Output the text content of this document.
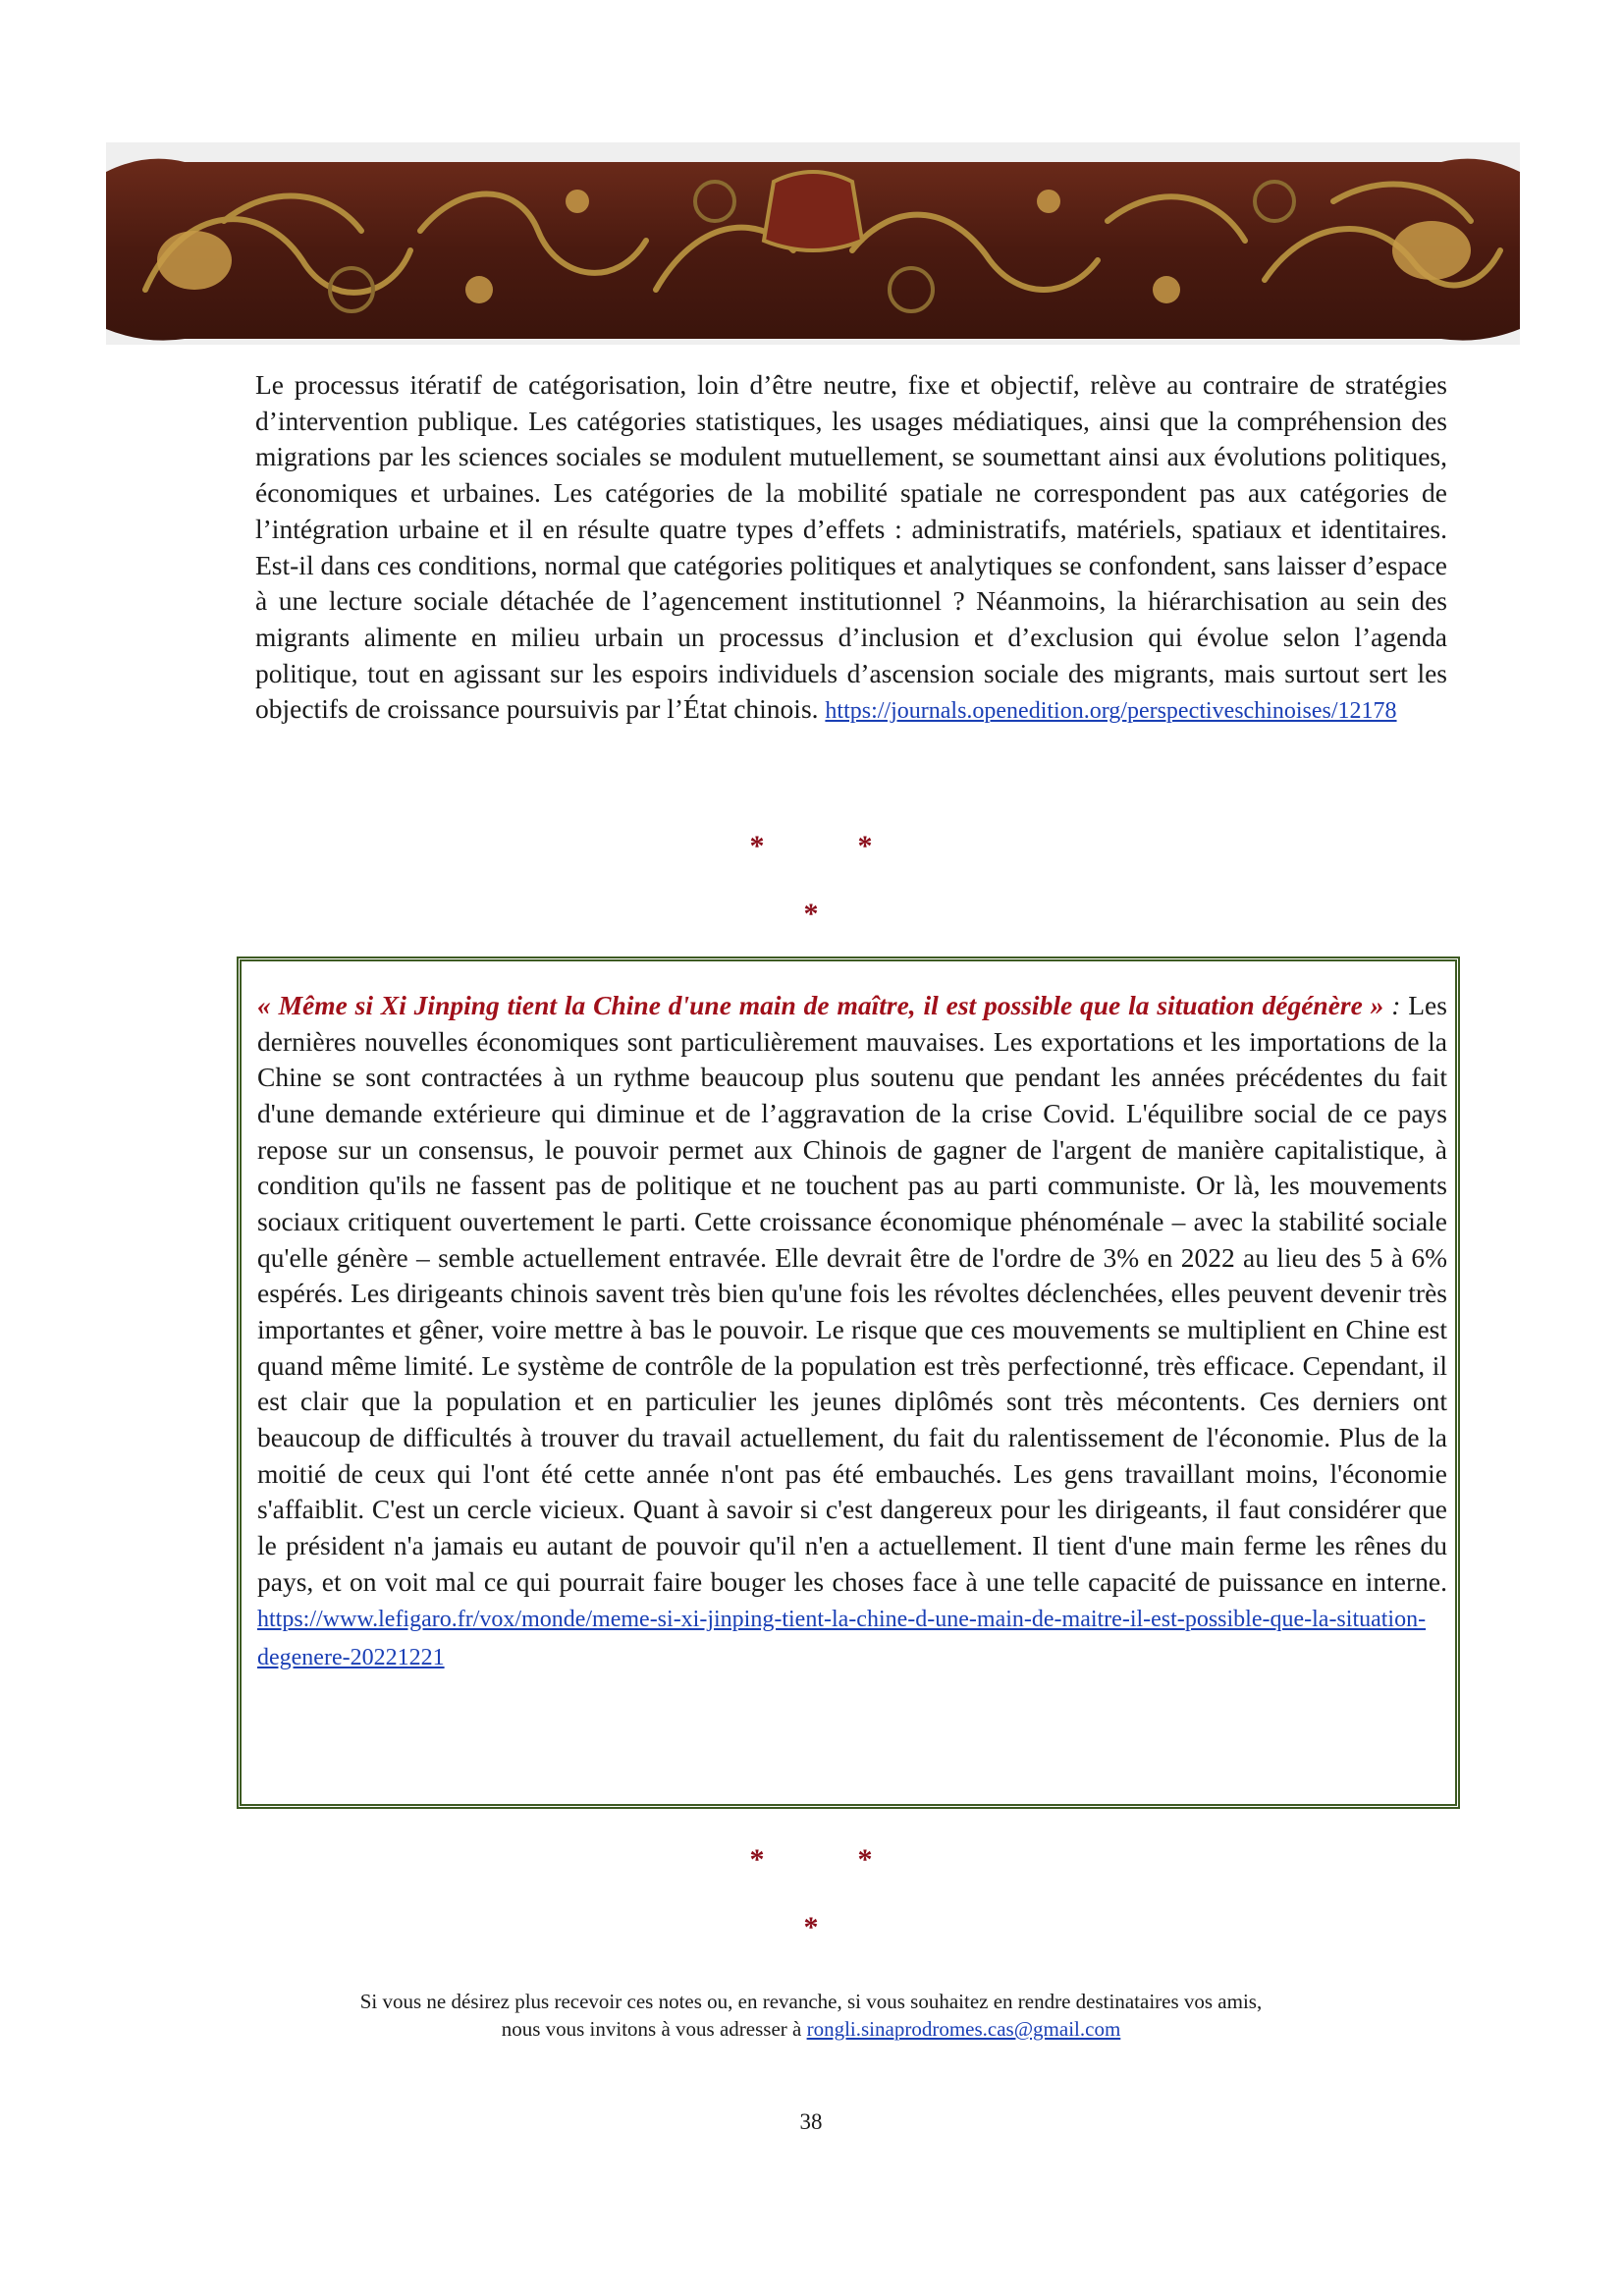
Le processus itératif de catégorisation, loin d’être neutre, fixe et objectif, relève au contraire de stratégies d’intervention publique. Les catégories statistiques, les usages médiatiques, ainsi que la compréhension des migrations par les sciences sociales se modulent mutuellement, se soumettant ainsi aux évolutions politiques, économiques et urbaines. Les catégories de la mobilité spatiale ne correspondent pas aux catégories de l’intégration urbaine et il en résulte quatre types d’effets : administratifs, matériels, spatiaux et identitaires. Est-il dans ces conditions, normal que catégories politiques et analytiques se confondent, sans laisser d’espace à une lecture sociale détachée de l’agencement institutionnel ? Néanmoins, la hiérarchisation au sein des migrants alimente en milieu urbain un processus d’inclusion et d’exclusion qui évolue selon l’agenda politique, tout en agissant sur les espoirs individuels d’ascension sociale des migrants, mais surtout sert les objectifs de croissance poursuivis par l’État chinois. https://journals.openedition.org/perspectiveschinoises/12178

*	*
*

« Même si Xi Jinping tient la Chine d'une main de maître, il est possible que la situation dégénère » : Les dernières nouvelles économiques sont particulièrement mauvaises. Les exportations et les importations de la Chine se sont contractées à un rythme beaucoup plus soutenu que pendant les années précédentes du fait d'une demande extérieure qui diminue et de l’aggravation de la crise Covid. L'équilibre social de ce pays repose sur un consensus, le pouvoir permet aux Chinois de gagner de l'argent de manière capitalistique, à condition qu'ils ne fassent pas de politique et ne touchent pas au parti communiste. Or là, les mouvements sociaux critiquent ouvertement le parti. Cette croissance économique phénoménale – avec la stabilité sociale qu'elle génère – semble actuellement entravée. Elle devrait être de l'ordre de 3% en 2022 au lieu des 5 à 6% espérés. Les dirigeants chinois savent très bien qu'une fois les révoltes déclenchées, elles peuvent devenir très importantes et gêner, voire mettre à bas le pouvoir. Le risque que ces mouvements se multiplient en Chine est quand même limité. Le système de contrôle de la population est très perfectionné, très efficace. Cependant, il est clair que la population et en particulier les jeunes diplômés sont très mécontents. Ces derniers ont beaucoup de difficultés à trouver du travail actuellement, du fait du ralentissement de l'économie. Plus de la moitié de ceux qui l'ont été cette année n'ont pas été embauchés. Les gens travaillant moins, l'économie s'affaiblit. C'est un cercle vicieux. Quant à savoir si c'est dangereux pour les dirigeants, il faut considérer que le président n'a jamais eu autant de pouvoir qu'il n'en a actuellement. Il tient d'une main ferme les rênes du pays, et on voit mal ce qui pourrait faire bouger les choses face à une telle capacité de puissance en interne. https://www.lefigaro.fr/vox/monde/meme-si-xi-jinping-tient-la-chine-d-une-main-de-maitre-il-est-possible-que-la-situation-degenere-20221221

*	*
*
Si vous ne désirez plus recevoir ces notes ou, en revanche, si vous souhaitez en rendre destinataires vos amis,
nous vous invitons à vous adresser à rongli.sinaprodromes.cas@gmail.com
38
